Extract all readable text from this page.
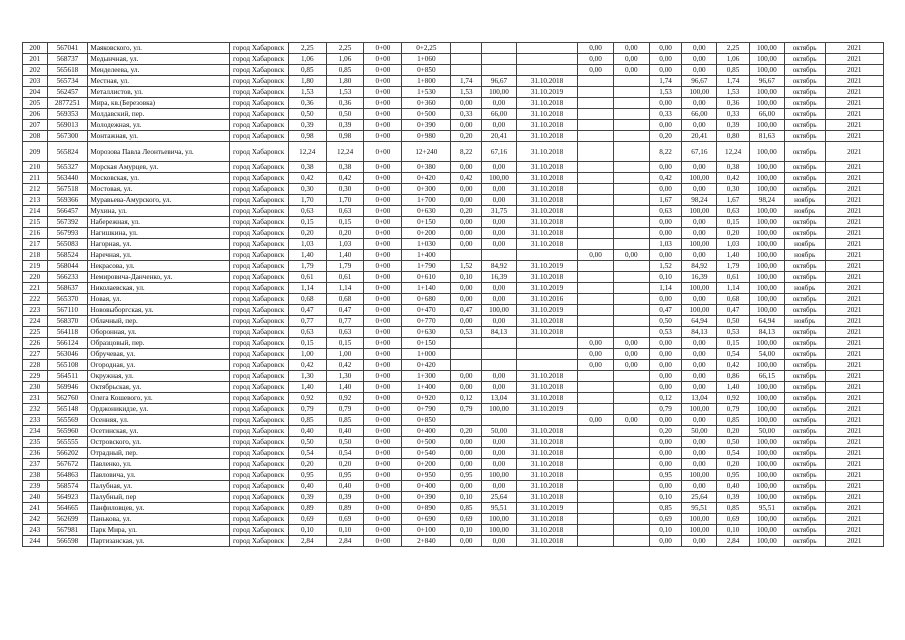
200	567041	Маяковского, ул.	город Хабаровск	2,25	2,25	0+00	0+2,25				0,00	0,00	0,00	0,00	2,25	100,00	октябрь	2021
201	568737	Медынчная, ул.	город Хабаровск	1,06	1,06	0+00	1+060				0,00	0,00	0,00	0,00	1,06	100,00	октябрь	2021
202	565618	Менделеева, ул.	город Хабаровск	0,85	0,85	0+00	0+850				0,00	0,00	0,00	0,00	0,85	100,00	октябрь	2021
203	565734	Местная, ул.	город Хабаровск	1,80	1,80	0+00	1+800	1,74	96,67	31.10.2018			1,74	96,67	1,74	96,67	октябрь	2021
204	562457	Металлистов, ул.	город Хабаровск	1,53	1,53	0+00	1+530	1,53	100,00	31.10.2019			1,53	100,00	1,53	100,00	октябрь	2021
205	2877251	Мира, кв.(Березовка)	город Хабаровск	0,36	0,36	0+00	0+360	0,00	0,00	31.10.2018			0,00	0,00	0,36	100,00	октябрь	2021
206	569353	Молдавский, пер.	город Хабаровск	0,50	0,50	0+00	0+500	0,33	66,00	31.10.2018			0,33	66,00	0,33	66,00	октябрь	2021
207	569013	Молодежная, ул.	город Хабаровск	0,39	0,39	0+00	0+390	0,00	0,00	31.10.2018			0,00	0,00	0,39	100,00	октябрь	2021
208	567300	Монтажная, ул.	город Хабаровск	0,98	0,98	0+00	0+980	0,20	20,41	31.10.2018			0,20	20,41	0,80	81,63	октябрь	2021
209	565824	Морозова Павла Леонтьевича, ул.	город Хабаровск	12,24	12,24	0+00	12+240	8,22	67,16	31.10.2018			8,22	67,16	12,24	100,00	октябрь	2021
210	565327	Морская Амурцев, ул.	город Хабаровск	0,38	0,38	0+00	0+380	0,00	0,00	31.10.2018			0,00	0,00	0,38	100,00	октябрь	2021
211	563440	Московская, ул.	город Хабаровск	0,42	0,42	0+00	0+420	0,42	100,00	31.10.2018			0,42	100,00	0,42	100,00	октябрь	2021
212	567518	Мостовая, ул.	город Хабаровск	0,30	0,30	0+00	0+300	0,00	0,00	31.10.2018			0,00	0,00	0,30	100,00	октябрь	2021
213	569366	Муравьева-Амурского, ул.	город Хабаровск	1,70	1,70	0+00	1+700	0,00	0,00	31.10.2018			1,67	98,24	1,67	98,24	ноябрь	2021
214	566457	Мухина, ул.	город Хабаровск	0,63	0,63	0+00	0+630	0,20	31,75	31.10.2018			0,63	100,00	0,63	100,00	ноябрь	2021
215	567392	Набережная, ул.	город Хабаровск	0,15	0,15	0+00	0+150	0,00	0,00	31.10.2018			0,00	0,00	0,15	100,00	октябрь	2021
216	567993	Нагишкина, ул.	город Хабаровск	0,20	0,20	0+00	0+200	0,00	0,00	31.10.2018			0,00	0,00	0,20	100,00	октябрь	2021
217	565083	Нагорная, ул.	город Хабаровск	1,03	1,03	0+00	1+030	0,00	0,00	31.10.2018			1,03	100,00	1,03	100,00	ноябрь	2021
218	568524	Наречная, ул.	город Хабаровск	1,40	1,40	0+00	1+400				0,00	0,00	0,00	0,00	1,40	100,00	ноябрь	2021
219	568044	Некрасова, ул.	город Хабаровск	1,79	1,79	0+00	1+790	1,52	84,92	31.10.2019			1,52	84,92	1,79	100,00	октябрь	2021
220	566233	Немировича-Данченко, ул.	город Хабаровск	0,61	0,61	0+00	0+610	0,10	16,39	31.10.2018			0,10	16,39	0,61	100,00	октябрь	2021
221	568637	Николаевская, ул.	город Хабаровск	1,14	1,14	0+00	1+140	0,00	0,00	31.10.2019			1,14	100,00	1,14	100,00	ноябрь	2021
222	565370	Новая, ул.	город Хабаровск	0,68	0,68	0+00	0+680	0,00	0,00	31.10.2016			0,00	0,00	0,68	100,00	октябрь	2021
223	567110	Нововыборгская, ул.	город Хабаровск	0,47	0,47	0+00	0+470	0,47	100,00	31.10.2019			0,47	100,00	0,47	100,00	октябрь	2021
224	568370	Облачный, пер.	город Хабаровск	0,77	0,77	0+00	0+770	0,00	0,00	31.10.2018			0,50	64,94	0,50	64,94	ноябрь	2021
225	564118	Оборонная, ул.	город Хабаровск	0,63	0,63	0+00	0+630	0,53	84,13	31.10.2018			0,53	84,13	0,53	84,13	октябрь	2021
226	566124	Образцовый, пер.	город Хабаровск	0,15	0,15	0+00	0+150				0,00	0,00	0,00	0,00	0,15	100,00	октябрь	2021
227	563046	Обручевая, ул.	город Хабаровск	1,00	1,00	0+00	1+000				0,00	0,00	0,00	0,00	0,54	54,00	октябрь	2021
228	565108	Огородная, ул.	город Хабаровск	0,42	0,42	0+00	0+420				0,00	0,00	0,00	0,00	0,42	100,00	октябрь	2021
229	564511	Окружная, ул.	город Хабаровск	1,30	1,30	0+00	1+300	0,00	0,00	31.10.2018			0,00	0,00	0,86	66,15	октябрь	2021
230	569946	Октябрьская, ул.	город Хабаровск	1,40	1,40	0+00	1+400	0,00	0,00	31.10.2018			0,00	0,00	1,40	100,00	октябрь	2021
231	562760	Олега Кошевого, ул.	город Хабаровск	0,92	0,92	0+00	0+920	0,12	13,04	31.10.2018			0,12	13,04	0,92	100,00	октябрь	2021
232	565148	Орджоникидзе, ул.	город Хабаровск	0,79	0,79	0+00	0+790	0,79	100,00	31.10.2019			0,79	100,00	0,79	100,00	октябрь	2021
233	565569	Осенняя, ул.	город Хабаровск	0,85	0,85	0+00	0+850				0,00	0,00	0,00	0,00	0,85	100,00	октябрь	2021
234	565960	Осетинская, ул.	город Хабаровск	0,40	0,40	0+00	0+400	0,20	50,00	31.10.2018			0,20	50,00	0,20	50,00	октябрь	2021
235	565555	Островского, ул.	город Хабаровск	0,50	0,50	0+00	0+500	0,00	0,00	31.10.2018			0,00	0,00	0,50	100,00	октябрь	2021
236	566202	Отрадный, пер.	город Хабаровск	0,54	0,54	0+00	0+540	0,00	0,00	31.10.2018			0,00	0,00	0,54	100,00	октябрь	2021
237	567672	Павленко, ул.	город Хабаровск	0,20	0,20	0+00	0+200	0,00	0,00	31.10.2018			0,00	0,00	0,20	100,00	октябрь	2021
238	564863	Павловича, ул.	город Хабаровск	0,95	0,95	0+00	0+950	0,95	100,00	31.10.2018			0,95	100,00	0,95	100,00	октябрь	2021
239	568574	Палубная, ул.	город Хабаровск	0,40	0,40	0+00	0+400	0,00	0,00	31.10.2018			0,00	0,00	0,40	100,00	октябрь	2021
240	564923	Палубный, пер	город Хабаровск	0,39	0,39	0+00	0+390	0,10	25,64	31.10.2018			0,10	25,64	0,39	100,00	октябрь	2021
241	564665	Панфиловцев, ул.	город Хабаровск	0,89	0,89	0+00	0+890	0,85	95,51	31.10.2019			0,85	95,51	0,85	95,51	октябрь	2021
242	562699	Панькова, ул.	город Хабаровск	0,69	0,69	0+00	0+690	0,69	100,00	31.10.2018			0,69	100,00	0,69	100,00	октябрь	2021
243	567981	Парк Мира, ул.	город Хабаровск	0,10	0,10	0+00	0+100	0,10	100,00	31.10.2018			0,10	100,00	0,10	100,00	октябрь	2021
244	566598	Партизанская, ул.	город Хабаровск	2,84	2,84	0+00	2+840	0,00	0,00	31.10.2018			0,00	0,00	2,84	100,00	октябрь	2021
